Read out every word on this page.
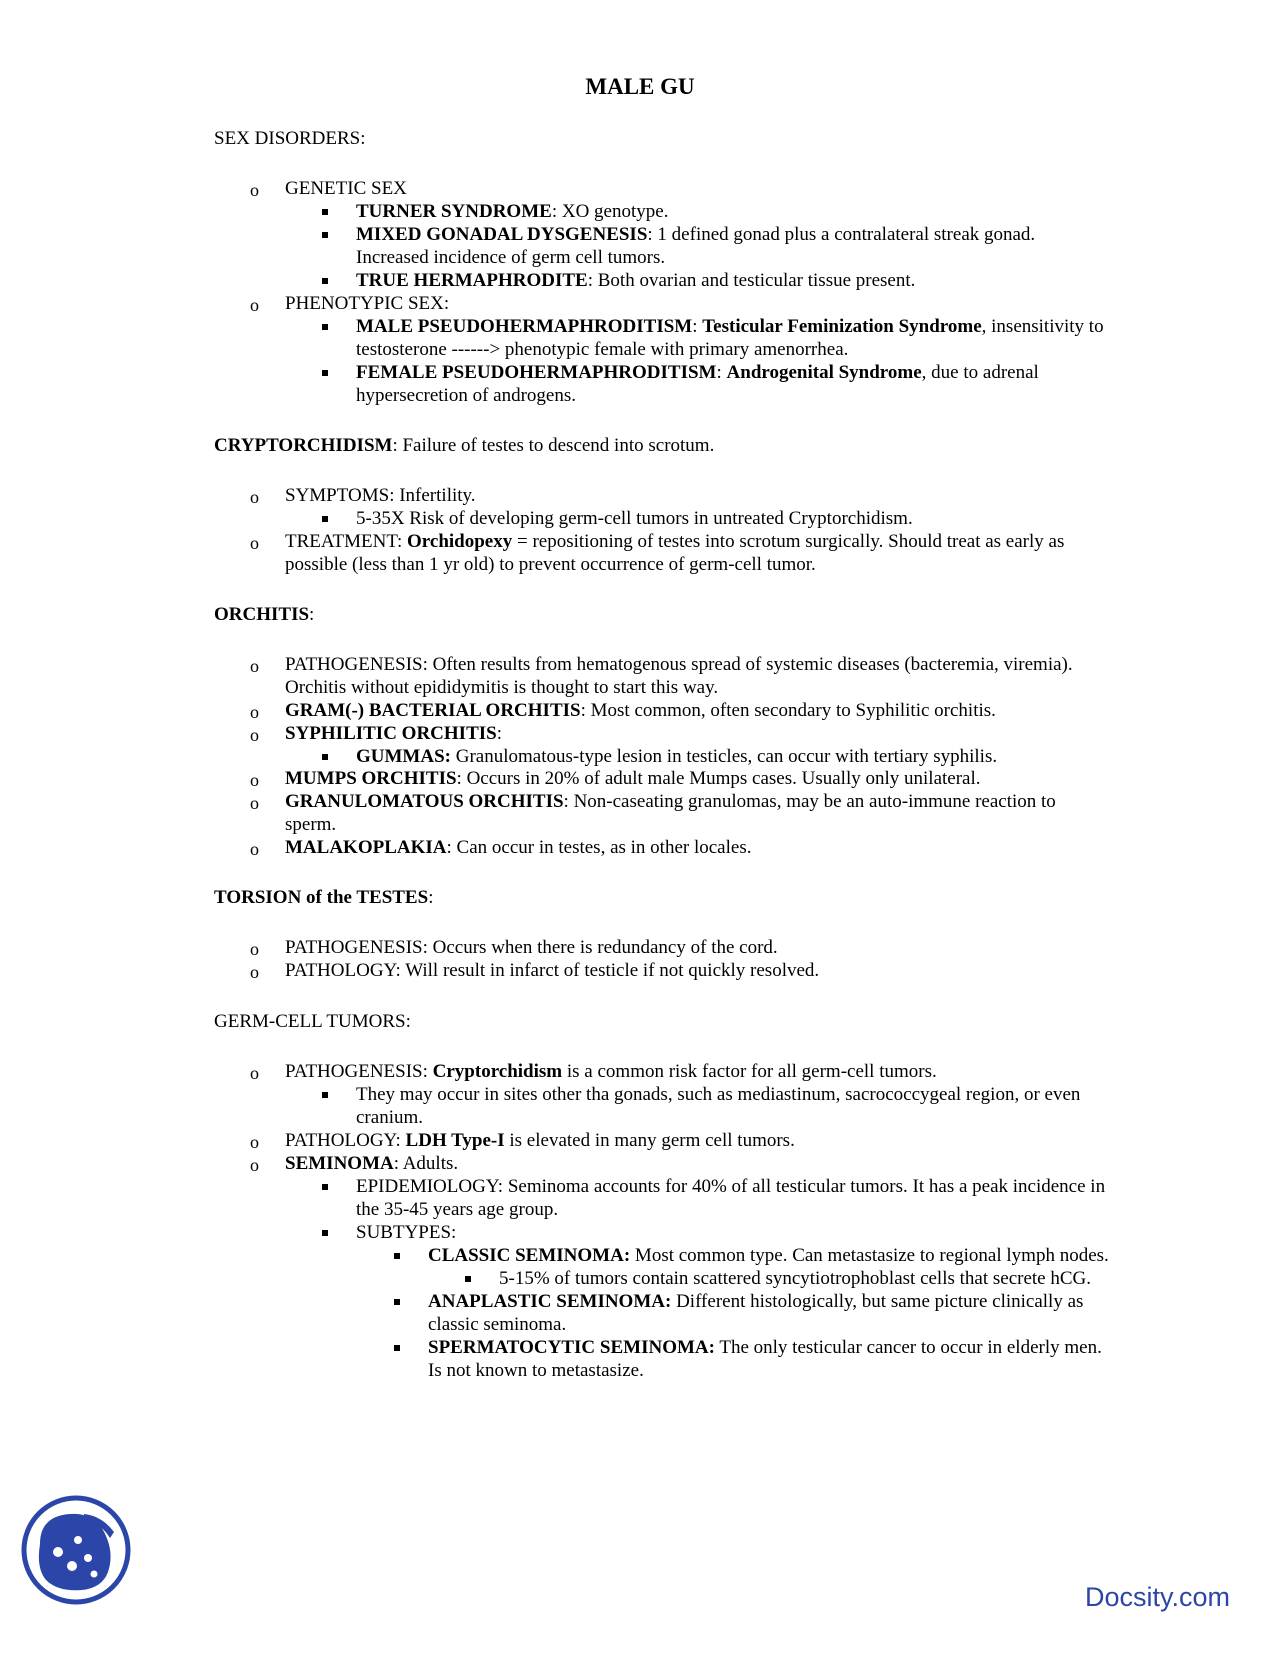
MALE GU
SEX DISORDERS:
o GENETIC SEX
TURNER SYNDROME: XO genotype.
MIXED GONADAL DYSGENESIS: 1 defined gonad plus a contralateral streak gonad.
Increased incidence of germ cell tumors.
TRUE HERMAPHRODITE: Both ovarian and testicular tissue present.
o PHENOTYPIC SEX:
MALE PSEUDOHERMAPHRODITISM: Testicular Feminization Syndrome, insensitivity to
testosterone ------> phenotypic female with primary amenorrhea.
FEMALE PSEUDOHERMAPHRODITISM: Androgenital Syndrome, due to adrenal
hypersecretion of androgens.
CRYPTORCHIDISM: Failure of testes to descend into scrotum.
o SYMPTOMS: Infertility.
5-35X Risk of developing germ-cell tumors in untreated Cryptorchidism.
o TREATMENT: Orchidopexy = repositioning of testes into scrotum surgically. Should treat as early as
possible (less than 1 yr old) to prevent occurrence of germ-cell tumor.
ORCHITIS:
o PATHOGENESIS: Often results from hematogenous spread of systemic diseases (bacteremia, viremia).
Orchitis without epididymitis is thought to start this way.
o GRAM(-) BACTERIAL ORCHITIS: Most common, often secondary to Syphilitic orchitis.
o SYPHILITIC ORCHITIS:
GUMMAS: Granulomatous-type lesion in testicles, can occur with tertiary syphilis.
o MUMPS ORCHITIS: Occurs in 20% of adult male Mumps cases. Usually only unilateral.
o GRANULOMATOUS ORCHITIS: Non-caseating granulomas, may be an auto-immune reaction to
sperm.
o MALAKOPLAKIA: Can occur in testes, as in other locales.
TORSION of the TESTES:
o PATHOGENESIS: Occurs when there is redundancy of the cord.
o PATHOLOGY: Will result in infarct of testicle if not quickly resolved.
GERM-CELL TUMORS:
o PATHOGENESIS: Cryptorchidism is a common risk factor for all germ-cell tumors.
They may occur in sites other tha gonads, such as mediastinum, sacrococcygeal region, or even
cranium.
o PATHOLOGY: LDH Type-I is elevated in many germ cell tumors.
o SEMINOMA: Adults.
EPIDEMIOLOGY: Seminoma accounts for 40% of all testicular tumors. It has a peak incidence in
the 35-45 years age group.
SUBTYPES:
CLASSIC SEMINOMA: Most common type. Can metastasize to regional lymph nodes.
5-15% of tumors contain scattered syncytiotrophoblast cells that secrete hCG.
ANAPLASTIC SEMINOMA: Different histologically, but same picture clinically as
classic seminoma.
SPERMATOCYTIC SEMINOMA: The only testicular cancer to occur in elderly men.
Is not known to metastasize.
Docsity.com
